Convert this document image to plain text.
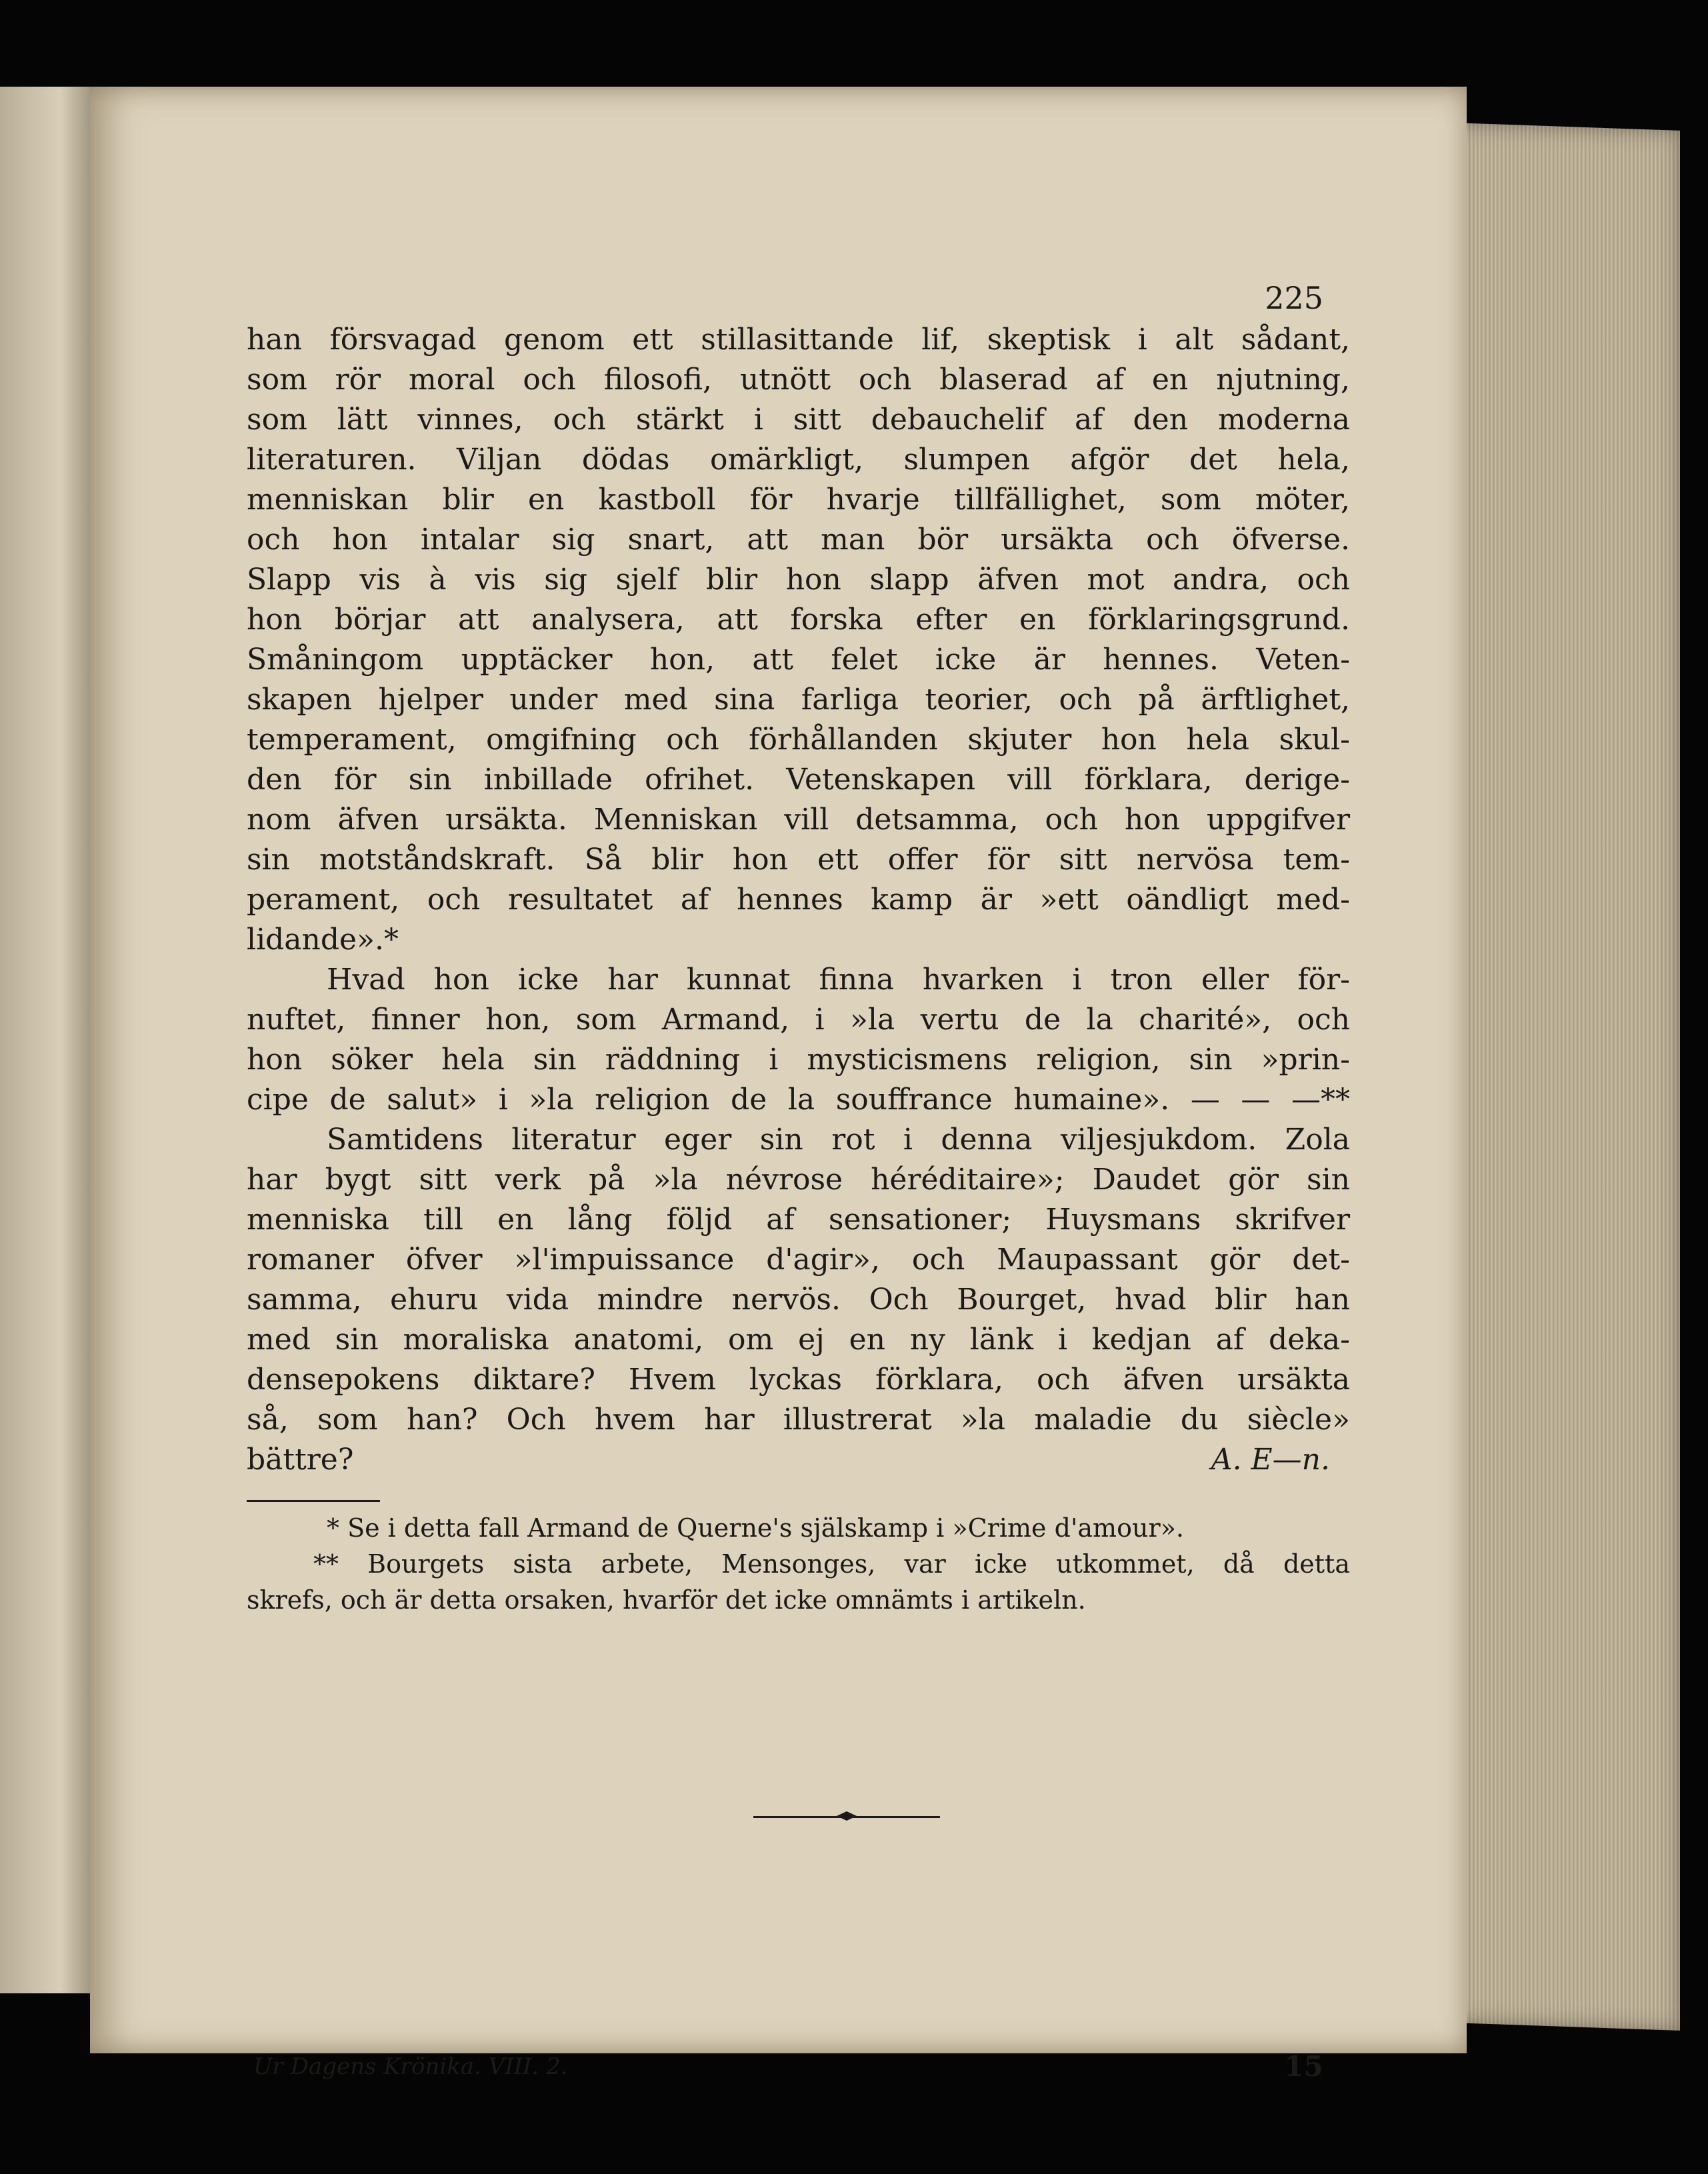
225
han försvagad genom ett stillasittande lif, skeptisk i alt sådant,
som rör moral och filosofi, utnött och blaserad af en njutning,
som lätt vinnes, och stärkt i sitt debauchelif af den moderna
literaturen. Viljan dödas omärkligt, slumpen afgör det hela,
menniskan blir en kastboll för hvarje tillfällighet, som möter,
och hon intalar sig snart, att man bör ursäkta och öfverse.
Slapp vis à vis sig sjelf blir hon slapp äfven mot andra, och
hon börjar att analysera, att forska efter en förklaringsgrund.
Småningom upptäcker hon, att felet icke är hennes. Veten-
skapen hjelper under med sina farliga teorier, och på ärftlighet,
temperament, omgifning och förhållanden skjuter hon hela skul-
den för sin inbillade ofrihet. Vetenskapen vill förklara, derige-
nom äfven ursäkta. Menniskan vill detsamma, och hon uppgifver
sin motståndskraft. Så blir hon ett offer för sitt nervösa tem-
perament, och resultatet af hennes kamp är »ett oändligt med-
lidande».*
Hvad hon icke har kunnat finna hvarken i tron eller för-
nuftet, finner hon, som Armand, i »la vertu de la charité», och
hon söker hela sin räddning i mysticismens religion, sin »prin-
cipe de salut» i »la religion de la souffrance humaine». — — —**
Samtidens literatur eger sin rot i denna viljesjukdom. Zola
har bygt sitt verk på »la névrose héréditaire»; Daudet gör sin
menniska till en lång följd af sensationer; Huysmans skrifver
romaner öfver »l'impuissance d'agir», och Maupassant gör det-
samma, ehuru vida mindre nervös. Och Bourget, hvad blir han
med sin moraliska anatomi, om ej en ny länk i kedjan af deka-
densepokens diktare? Hvem lyckas förklara, och äfven ursäkta
så, som han? Och hvem har illustrerat »la maladie du siècle»
bättre?	A. E—n.
* Se i detta fall Armand de Querne's själskamp i »Crime d'amour».
** Bourgets sista arbete, Mensonges, var icke utkommet, då detta
skrefs, och är detta orsaken, hvarför det icke omnämts i artikeln.
Ur Dagens Krönika. VIII. 2.	15
